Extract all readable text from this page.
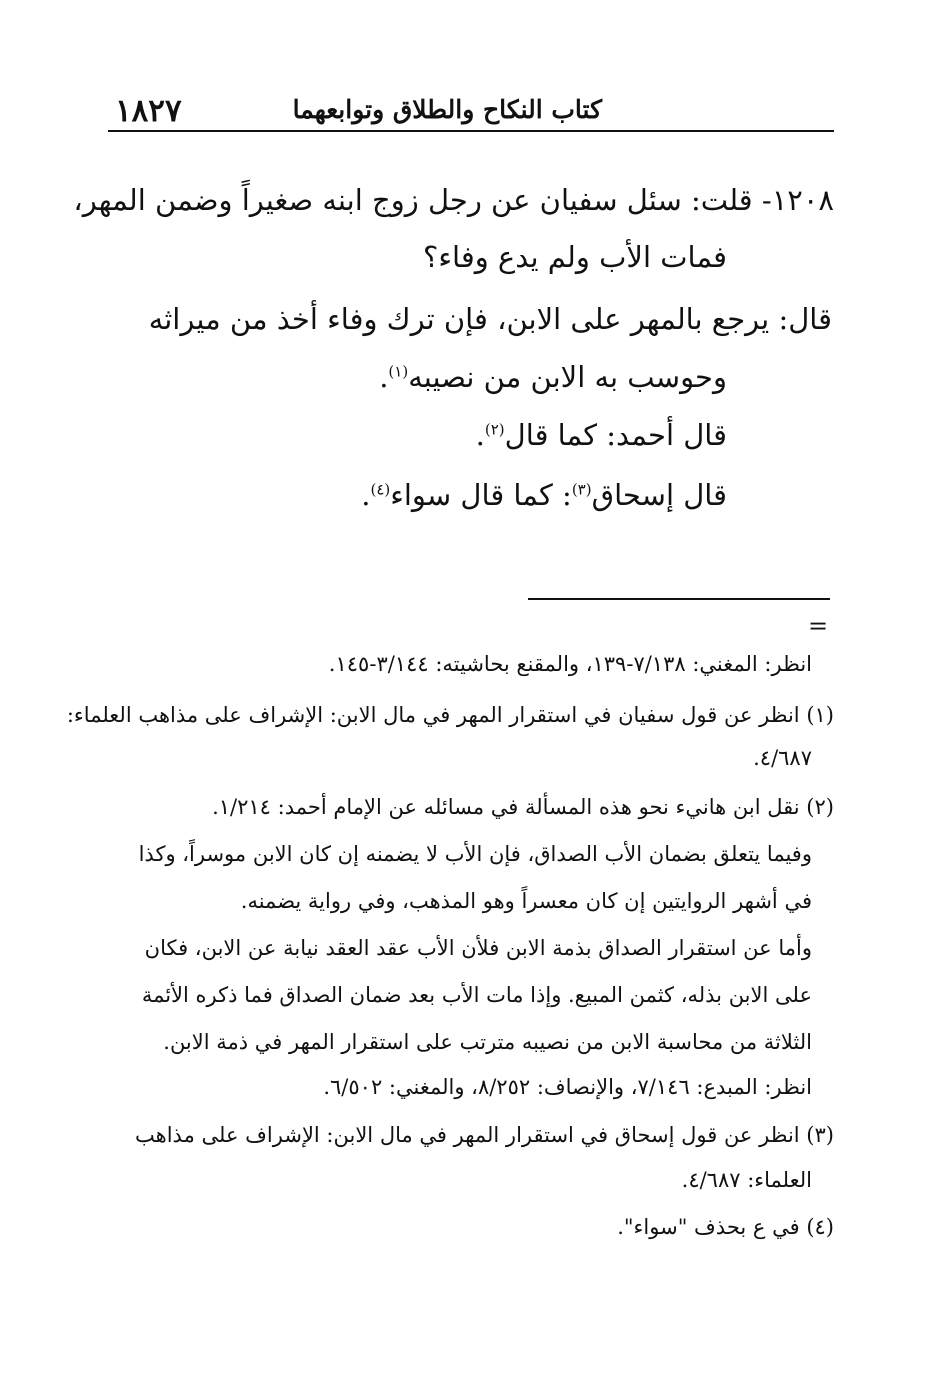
كتاب النكاح والطلاق وتوابعهما
١٨٢٧
١٢٠٨- قلت: سئل سفيان عن رجل زوج ابنه صغيراً وضمن المهر،
فمات الأب ولم يدع وفاء؟
قال: يرجع بالمهر على الابن، فإن ترك وفاء أخذ من ميراثه
وحوسب به الابن من نصيبه$^{(١)}$.
قال أحمد: كما قال$^{(٢)}$.
قال إسحاق$^{(٣)}$: كما قال سواء$^{(٤)}$.
=
انظر: المغني: ٧/١٣٨-١٣٩، والمقنع بحاشيته: ٣/١٤٤-١٤٥.
(١) انظر عن قول سفيان في استقرار المهر في مال الابن: الإشراف على مذاهب العلماء:
٤/٦٨٧.
(٢) نقل ابن هانيء نحو هذه المسألة في مسائله عن الإمام أحمد: ١/٢١٤.
وفيما يتعلق بضمان الأب الصداق، فإن الأب لا يضمنه إن كان الابن موسراً، وكذا
في أشهر الروايتين إن كان معسراً وهو المذهب، وفي رواية يضمنه.
وأما عن استقرار الصداق بذمة الابن فلأن الأب عقد العقد نيابة عن الابن، فكان
على الابن بذله، كثمن المبيع. وإذا مات الأب بعد ضمان الصداق فما ذكره الأئمة
الثلاثة من محاسبة الابن من نصيبه مترتب على استقرار المهر في ذمة الابن.
انظر: المبدع: ٧/١٤٦، والإنصاف: ٨/٢٥٢، والمغني: ٦/٥٠٢.
(٣) انظر عن قول إسحاق في استقرار المهر في مال الابن: الإشراف على مذاهب
العلماء: ٤/٦٨٧.
(٤) في ع بحذف "سواء".
